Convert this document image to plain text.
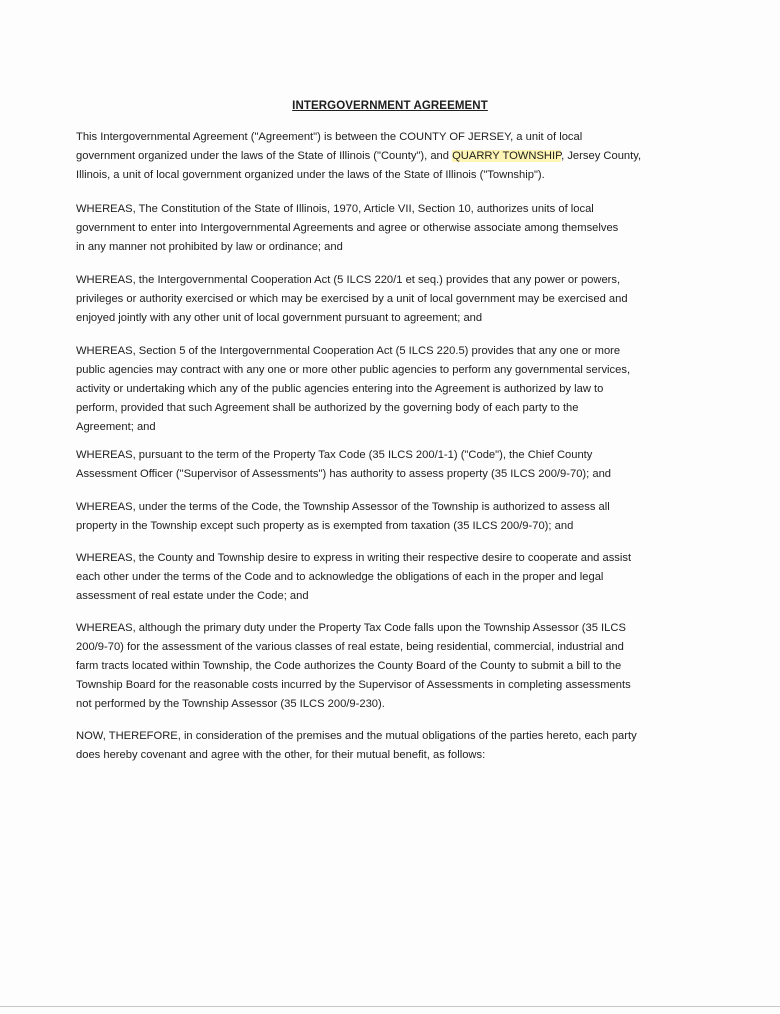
INTERGOVERNMENT AGREEMENT

This Intergovernmental Agreement ("Agreement") is between the COUNTY OF JERSEY, a unit of local
government organized under the laws of the State of Illinois ("County"), and QUARRY TOWNSHIP, Jersey County,
Illinois, a unit of local government organized under the laws of the State of Illinois ("Township").

WHEREAS, The Constitution of the State of Illinois, 1970, Article VII, Section 10, authorizes units of local
government to enter into Intergovernmental Agreements and agree or otherwise associate among themselves
in any manner not prohibited by law or ordinance; and

WHEREAS, the Intergovernmental Cooperation Act (5 ILCS 220/1 et seq.) provides that any power or powers,
privileges or authority exercised or which may be exercised by a unit of local government may be exercised and
enjoyed jointly with any other unit of local government pursuant to agreement; and

WHEREAS, Section 5 of the Intergovernmental Cooperation Act (5 ILCS 220.5) provides that any one or more
public agencies may contract with any one or more other public agencies to perform any governmental services,
activity or undertaking which any of the public agencies entering into the Agreement is authorized by law to
perform, provided that such Agreement shall be authorized by the governing body of each party to the
Agreement; and

WHEREAS, pursuant to the term of the Property Tax Code (35 ILCS 200/1-1) ("Code"), the Chief County
Assessment Officer ("Supervisor of Assessments") has authority to assess property (35 ILCS 200/9-70); and

WHEREAS, under the terms of the Code, the Township Assessor of the Township is authorized to assess all
property in the Township except such property as is exempted from taxation (35 ILCS 200/9-70); and

WHEREAS, the County and Township desire to express in writing their respective desire to cooperate and assist
each other under the terms of the Code and to acknowledge the obligations of each in the proper and legal
assessment of real estate under the Code; and

WHEREAS, although the primary duty under the Property Tax Code falls upon the Township Assessor (35 ILCS
200/9-70) for the assessment of the various classes of real estate, being residential, commercial, industrial and
farm tracts located within Township, the Code authorizes the County Board of the County to submit a bill to the
Township Board for the reasonable costs incurred by the Supervisor of Assessments in completing assessments
not performed by the Township Assessor (35 ILCS 200/9-230).

NOW, THEREFORE, in consideration of the premises and the mutual obligations of the parties hereto, each party
does hereby covenant and agree with the other, for their mutual benefit, as follows:
